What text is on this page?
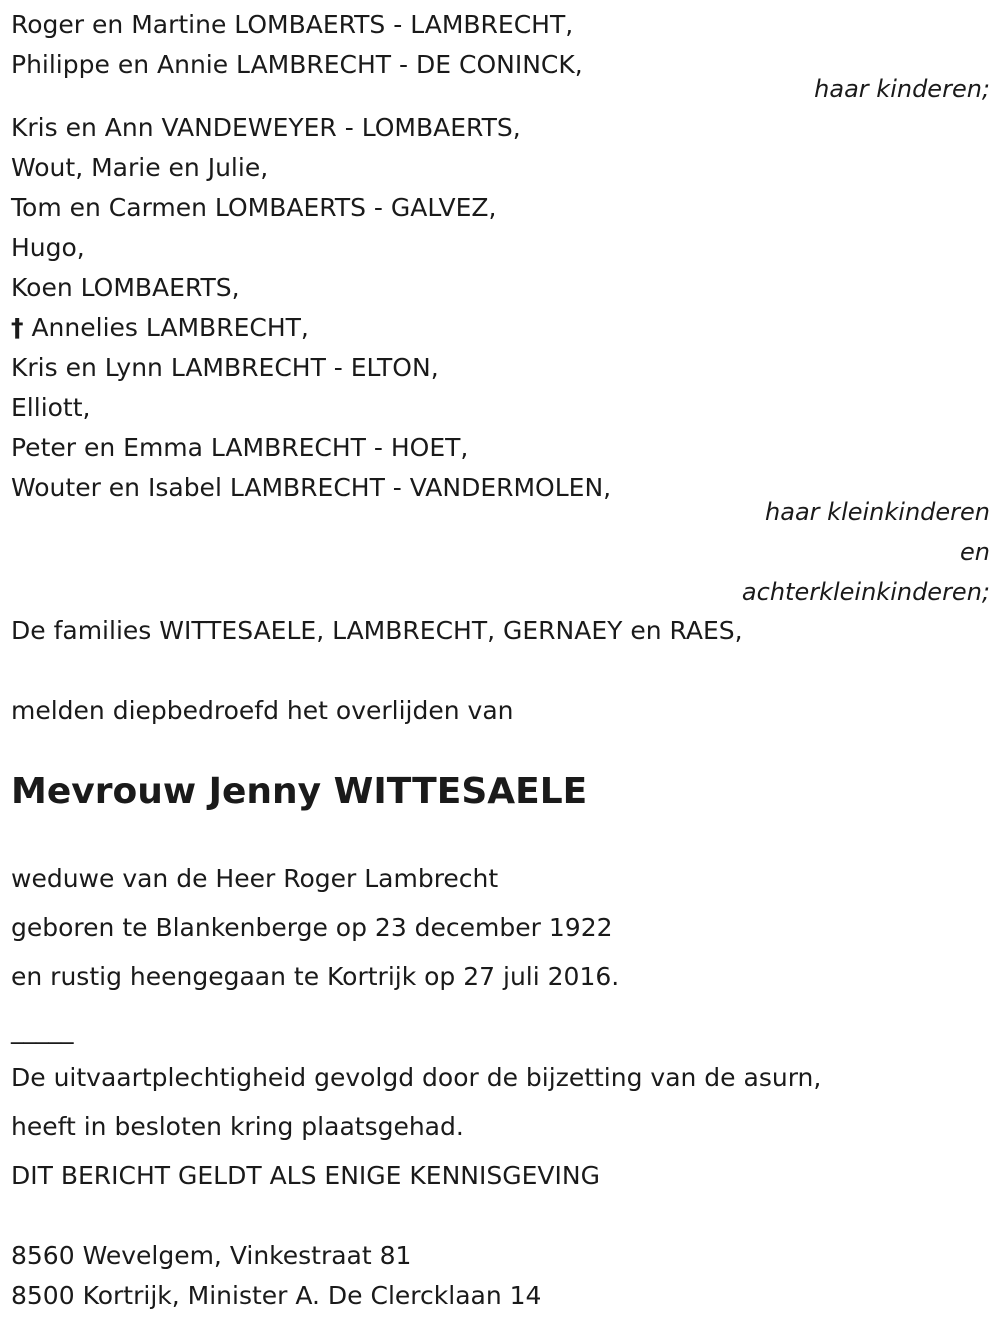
Roger en Martine LOMBAERTS - LAMBRECHT,
Philippe en Annie LAMBRECHT - DE CONINCK,
haar kinderen;
Kris en Ann VANDEWEYER - LOMBAERTS,
Wout, Marie en Julie,
Tom en Carmen LOMBAERTS - GALVEZ,
Hugo,
Koen LOMBAERTS,
† Annelies LAMBRECHT,
Kris en Lynn LAMBRECHT - ELTON,
Elliott,
Peter en Emma LAMBRECHT - HOET,
Wouter en Isabel LAMBRECHT - VANDERMOLEN,
haar kleinkinderen
en
achterkleinkinderen;
De families WITTESAELE, LAMBRECHT, GERNAEY en RAES,
melden diepbedroefd het overlijden van
Mevrouw Jenny WITTESAELE
weduwe van de Heer Roger Lambrecht
geboren te Blankenberge op 23 december 1922
en rustig heengegaan te Kortrijk op 27 juli 2016.
_____
De uitvaartplechtigheid gevolgd door de bijzetting van de asurn,
heeft in besloten kring plaatsgehad.
DIT BERICHT GELDT ALS ENIGE KENNISGEVING
8560 Wevelgem, Vinkestraat 81
8500 Kortrijk, Minister A. De Clercklaan 14
